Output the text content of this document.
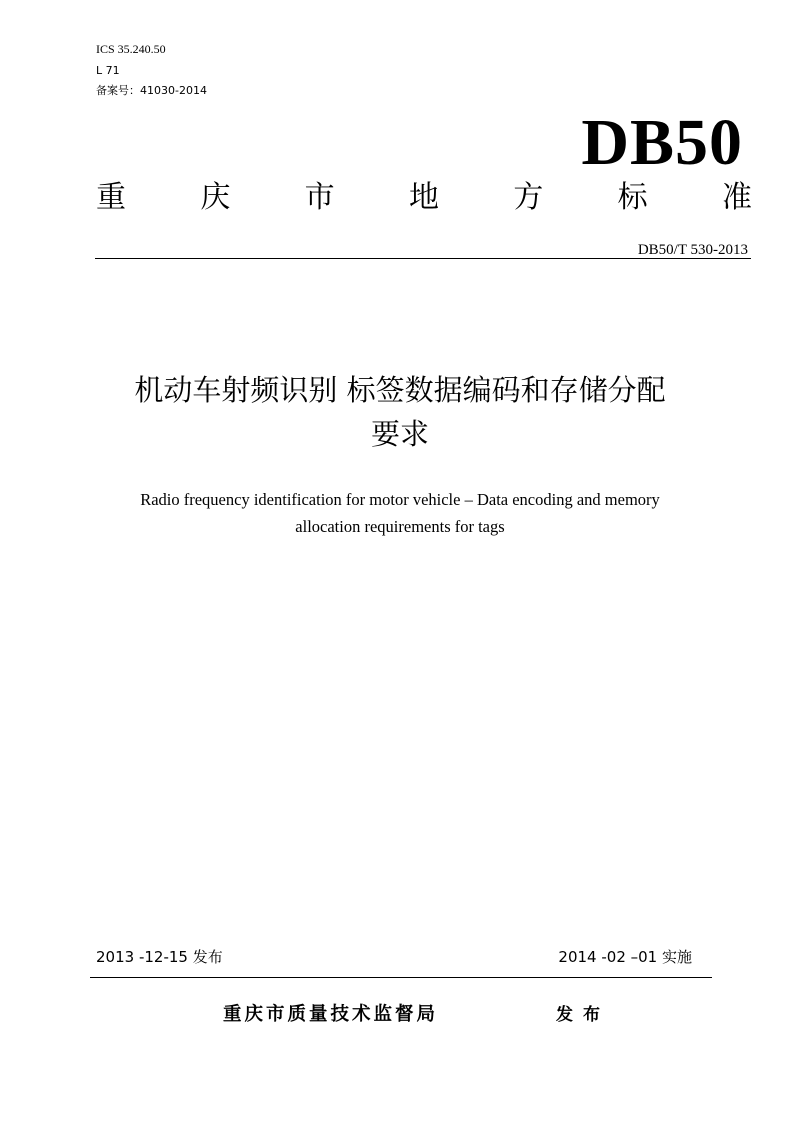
ICS 35.240.50
L 71
备案号：41030-2014
DB50
重 庆 市 地 方 标 准
DB50/T 530-2013
机动车射频识别 标签数据编码和存储分配
要求
Radio frequency identification for motor vehicle – Data encoding and memory
allocation requirements for tags
2013 -12-15 发布	2014 -02 –01 实施
重庆市质量技术监督局	发布
